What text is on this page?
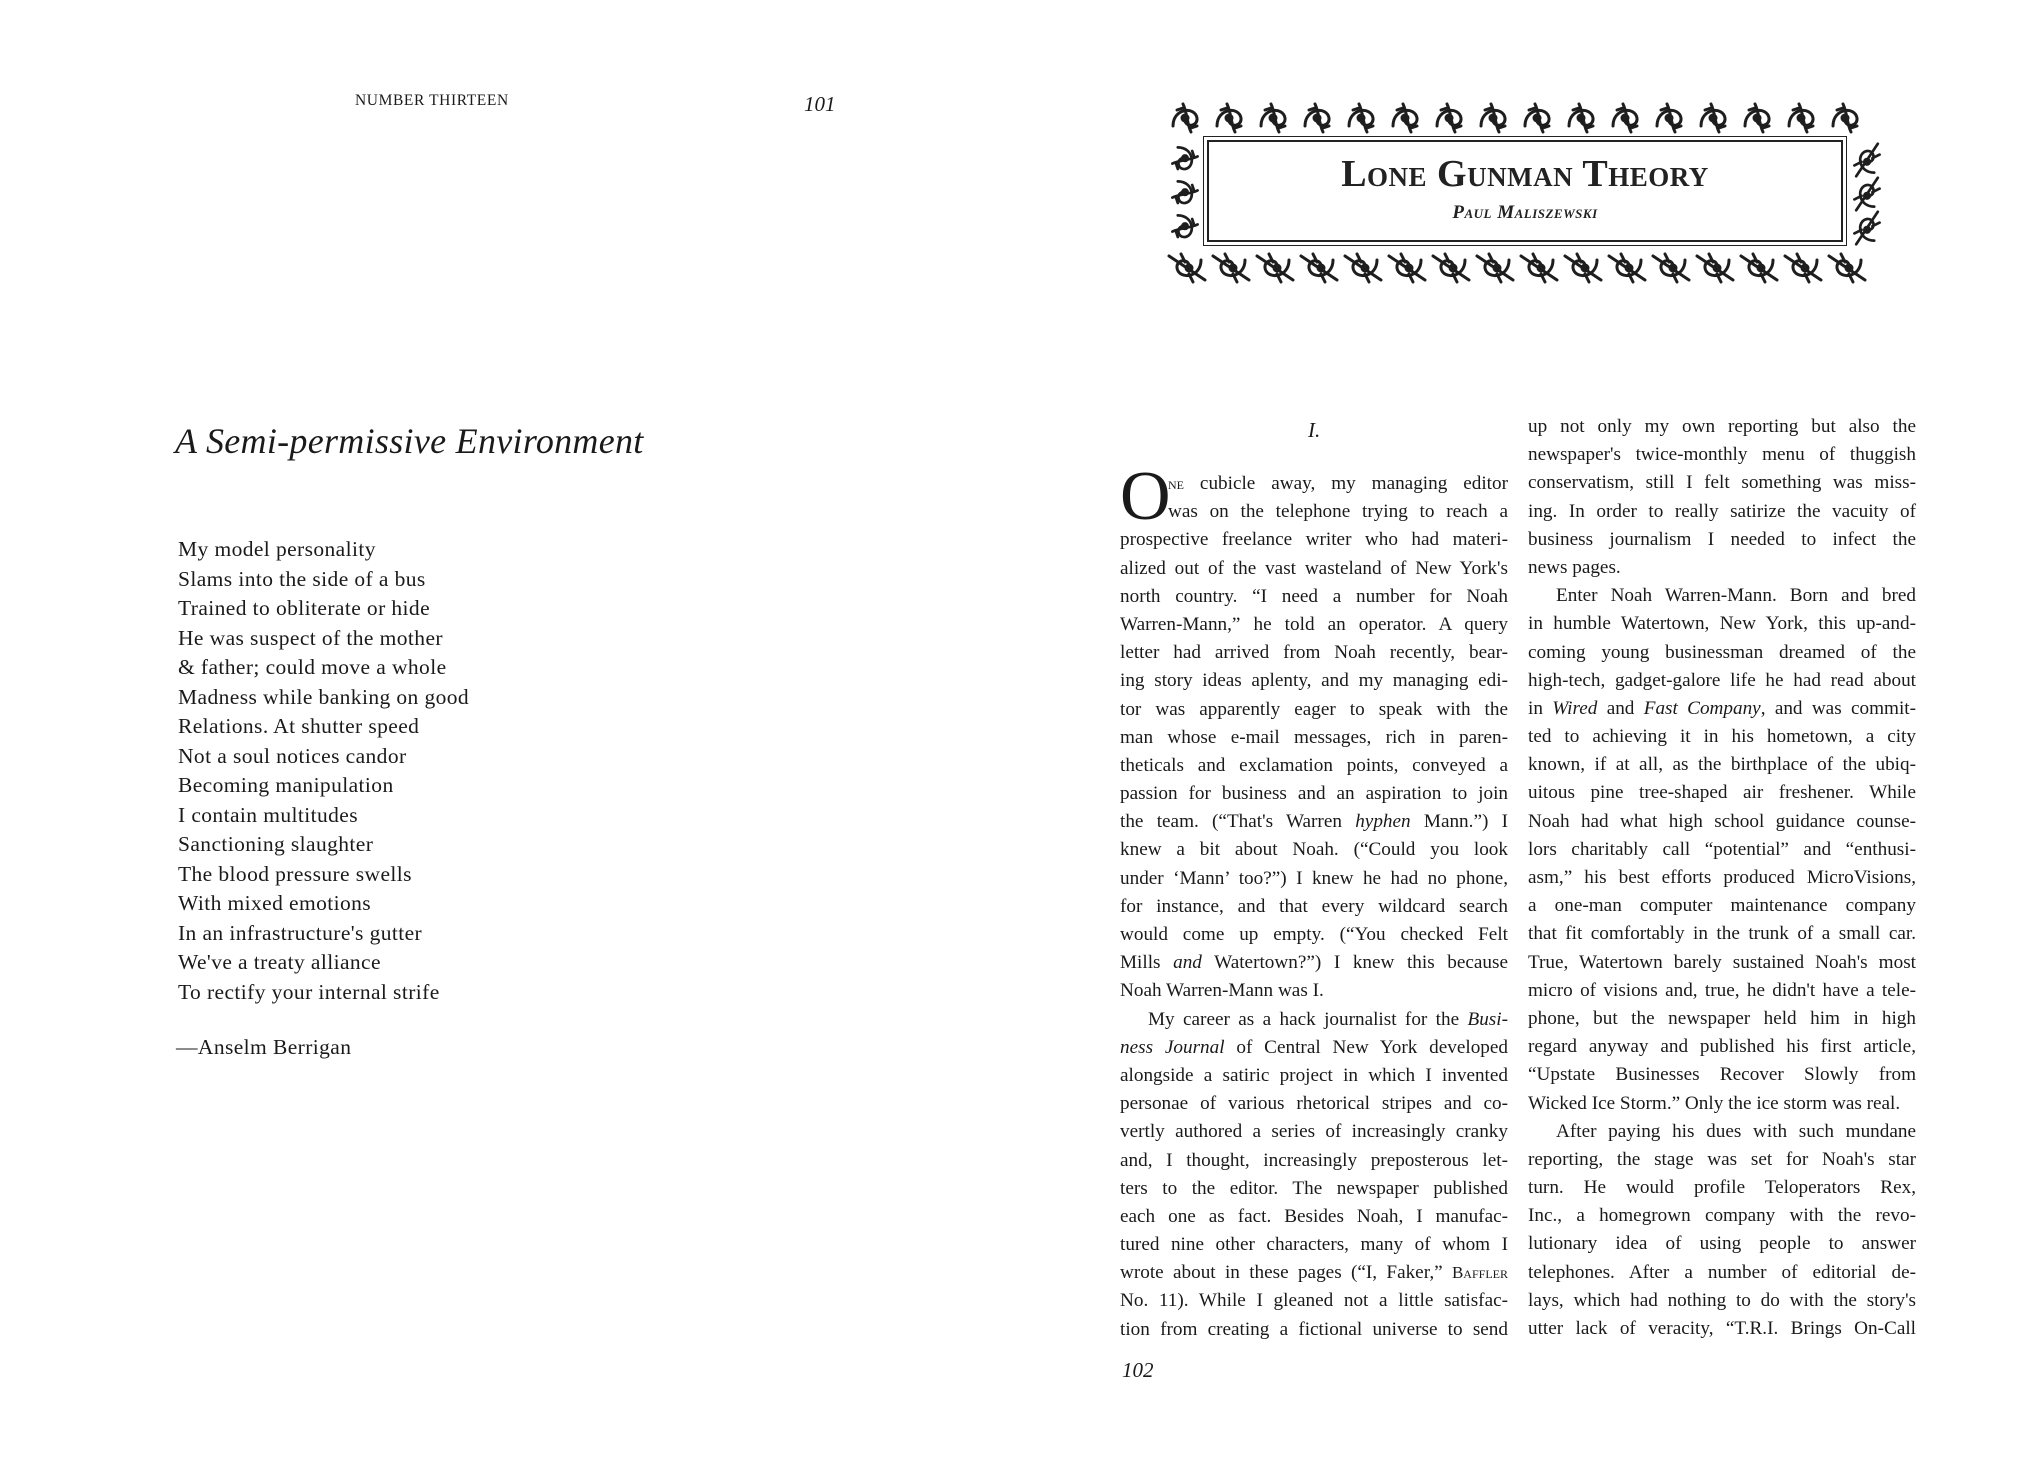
NUMBER THIRTEEN	101
A Semi-permissive Environment
My model personality
Slams into the side of a bus
Trained to obliterate or hide
He was suspect of the mother
& father; could move a whole
Madness while banking on good
Relations. At shutter speed
Not a soul notices candor
Becoming manipulation
I contain multitudes
Sanctioning slaughter
The blood pressure swells
With mixed emotions
In an infrastructure's gutter
We've a treaty alliance
To rectify your internal strife
—Anselm Berrigan
Lone Gunman Theory
Paul Maliszewski
I.
O
ne cubicle away, my managing editor
was on the telephone trying to reach a
prospective freelance writer who had materi-
alized out of the vast wasteland of New York's
north country. “I need a number for Noah
Warren-Mann,” he told an operator. A query
letter had arrived from Noah recently, bear-
ing story ideas aplenty, and my managing edi-
tor was apparently eager to speak with the
man whose e-mail messages, rich in paren-
theticals and exclamation points, conveyed a
passion for business and an aspiration to join
the team. (“That's Warren hyphen Mann.”) I
knew a bit about Noah. (“Could you look
under ‘Mann’ too?”) I knew he had no phone,
for instance, and that every wildcard search
would come up empty. (“You checked Felt
Mills and Watertown?”) I knew this because
Noah Warren-Mann was I.
My career as a hack journalist for the Busi-
ness Journal of Central New York developed
alongside a satiric project in which I invented
personae of various rhetorical stripes and co-
vertly authored a series of increasingly cranky
and, I thought, increasingly preposterous let-
ters to the editor. The newspaper published
each one as fact. Besides Noah, I manufac-
tured nine other characters, many of whom I
wrote about in these pages (“I, Faker,” Baffler
No. 11). While I gleaned not a little satisfac-
tion from creating a fictional universe to send
up not only my own reporting but also the
newspaper's twice-monthly menu of thuggish
conservatism, still I felt something was miss-
ing. In order to really satirize the vacuity of
business journalism I needed to infect the
news pages.
Enter Noah Warren-Mann. Born and bred
in humble Watertown, New York, this up-and-
coming young businessman dreamed of the
high-tech, gadget-galore life he had read about
in Wired and Fast Company, and was commit-
ted to achieving it in his hometown, a city
known, if at all, as the birthplace of the ubiq-
uitous pine tree-shaped air freshener. While
Noah had what high school guidance counse-
lors charitably call “potential” and “enthusi-
asm,” his best efforts produced MicroVisions,
a one-man computer maintenance company
that fit comfortably in the trunk of a small car.
True, Watertown barely sustained Noah's most
micro of visions and, true, he didn't have a tele-
phone, but the newspaper held him in high
regard anyway and published his first article,
“Upstate Businesses Recover Slowly from
Wicked Ice Storm.” Only the ice storm was real.
After paying his dues with such mundane
reporting, the stage was set for Noah's star
turn. He would profile Teloperators Rex,
Inc., a homegrown company with the revo-
lutionary idea of using people to answer
telephones. After a number of editorial de-
lays, which had nothing to do with the story's
utter lack of veracity, “T.R.I. Brings On-Call
102
